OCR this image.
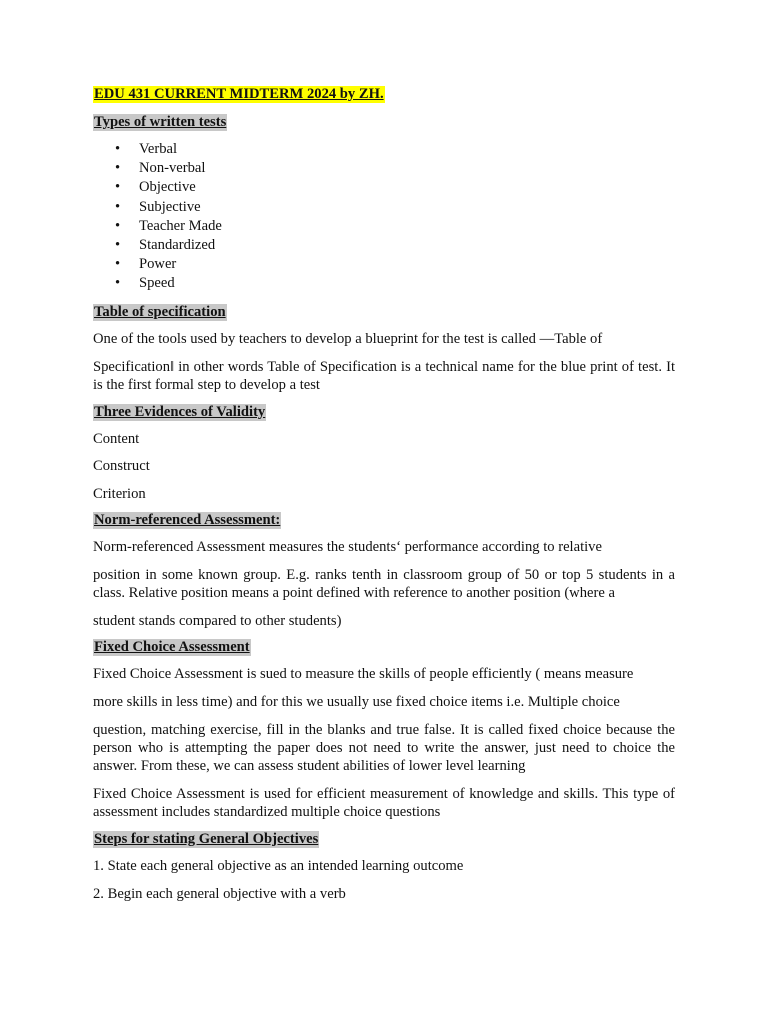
EDU 431 CURRENT MIDTERM 2024 by ZH.
Types of written tests
• Verbal
• Non-verbal
• Objective
• Subjective
• Teacher Made
• Standardized
• Power
• Speed
Table of specification

One of the tools used by teachers to develop a blueprint for the test is called —Table of

Specification‖ in other words Table of Specification is a technical name for the blue print of test. It is the first formal step to develop a test

Three Evidences of Validity

Content

Construct

Criterion

Norm-referenced Assessment:

Norm-referenced Assessment measures the students‘ performance according to relative

position in some known group. E.g. ranks tenth in classroom group of 50 or top 5 students in a class. Relative position means a point defined with reference to another position (where a

student stands compared to other students)

Fixed Choice Assessment

Fixed Choice Assessment is sued to measure the skills of people efficiently ( means measure

more skills in less time) and for this we usually use fixed choice items i.e. Multiple choice

question, matching exercise, fill in the blanks and true false. It is called fixed choice because the person who is attempting the paper does not need to write the answer, just need to choice the answer. From these, we can assess student abilities of lower level learning

Fixed Choice Assessment is used for efficient measurement of knowledge and skills. This type of assessment includes standardized multiple choice questions

Steps for stating General Objectives

1. State each general objective as an intended learning outcome

2. Begin each general objective with a verb
